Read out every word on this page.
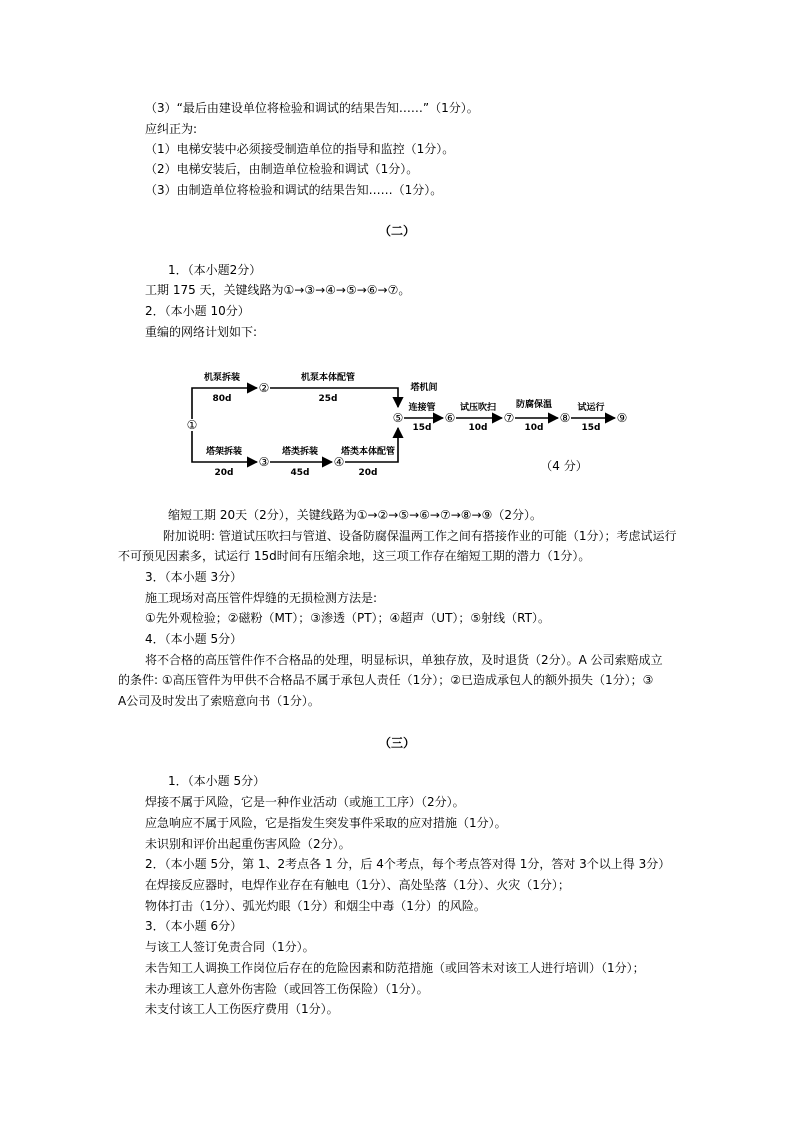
（3）“最后由建设单位将检验和调试的结果告知……”（1分）。
应纠正为:
（1）电梯安装中必须接受制造单位的指导和监控（1分）。
（2）电梯安装后，由制造单位检验和调试（1分）。
（3）由制造单位将检验和调试的结果告知……（1分）。
（二）
1．（本小题2分）
工期 175 天，关键线路为①→③→④→⑤→⑥→⑦。
2．（本小题 10分）
重编的网络计划如下:
①
②
③	④
⑤	⑥	⑦	⑧	⑨
机泵拆装
80d
机泵本体配管
25d
塔架拆装
20d
塔类拆装
45d
塔类本体配管
20d
塔机间
连接管
15d
试压吹扫
10d
防腐保温
10d
试运行
15d
（4 分）
缩短工期 20天（2分），关键线路为①→②→⑤→⑥→⑦→⑧→⑨（2分）。
附加说明: 管道试压吹扫与管道、设备防腐保温两工作之间有搭接作业的可能（1分）；考虑试运行
不可预见因素多，试运行 15d时间有压缩余地，这三项工作存在缩短工期的潜力（1分）。
3．（本小题 3分）
施工现场对高压管件焊缝的无损检测方法是:
①先外观检验；②磁粉（MT）；③渗透（PT）；④超声（UT）；⑤射线（RT）。
4．（本小题 5分）
将不合格的高压管件作不合格品的处理，明显标识，单独存放，及时退货（2分）。A 公司索赔成立
的条件: ①高压管件为甲供不合格品不属于承包人责任（1分）；②已造成承包人的额外损失（1分）；③
A公司及时发出了索赔意向书（1分）。
（三）
1．（本小题 5分）
焊接不属于风险，它是一种作业活动（或施工工序）（2分）。
应急响应不属于风险，它是指发生突发事件采取的应对措施（1分）。
未识别和评价出起重伤害风险（2分）。
2．（本小题 5分，第 1、2考点各 1 分，后 4个考点，每个考点答对得 1分，答对 3个以上得 3分）
在焊接反应器时，电焊作业存在有触电（1分）、高处坠落（1分）、火灾（1分）；
物体打击（1分）、弧光灼眼（1分）和烟尘中毒（1分）的风险。
3．（本小题 6分）
与该工人签订免责合同（1分）。
未告知工人调换工作岗位后存在的危险因素和防范措施（或回答未对该工人进行培训）（1分）；
未办理该工人意外伤害险（或回答工伤保险）（1分）。
未支付该工人工伤医疗费用（1分）。
